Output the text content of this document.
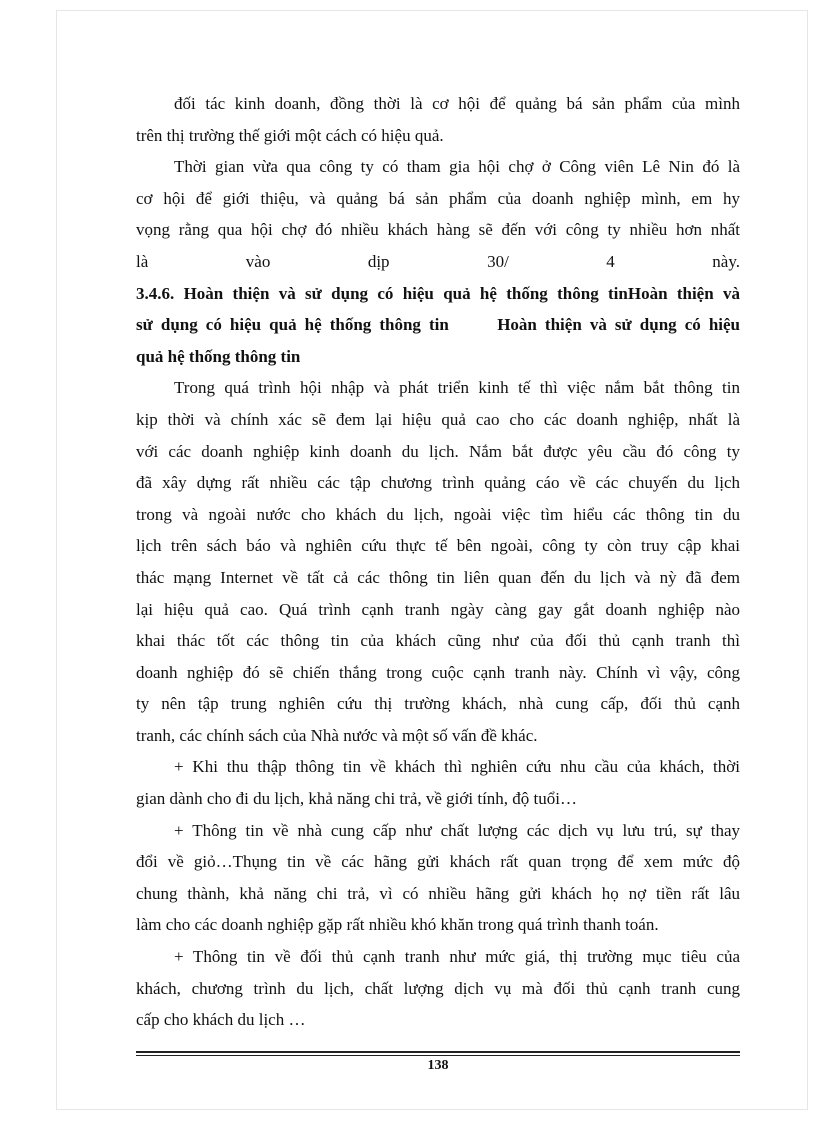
đối tác kinh doanh, đồng thời là cơ hội để quảng bá sản phẩm của mình
trên thị trường thế giới một cách có hiệu quả.
Thời gian vừa qua công ty có tham gia hội chợ ở Công viên Lê Nin đó là
cơ hội để giới thiệu, và quảng bá sản phẩm của doanh nghiệp mình, em hy
vọng rằng qua hội chợ đó nhiều khách hàng sẽ đến với công ty nhiều hơn nhất
là	vào	dịp	30/	4	này.
3.4.6. Hoàn thiện và sử dụng có hiệu quả hệ thống thông tinHoàn thiện và
sử dụng có hiệu quả hệ thống thông tin      Hoàn thiện và sử dụng có hiệu
quả hệ thống thông tin
Trong quá trình hội nhập và phát triển kinh tế thì việc nắm bắt thông tin
kịp thời và chính xác sẽ đem lại hiệu quả cao cho các doanh nghiệp, nhất là
với các doanh nghiệp kinh doanh du lịch. Nắm bắt được yêu cầu đó công ty
đã xây dựng rất nhiều các tập chương trình quảng cáo về các chuyến du lịch
trong và ngoài nước cho khách du lịch, ngoài việc tìm hiểu các thông tin du
lịch trên sách báo và nghiên cứu thực tế bên ngoài, công ty còn truy cập khai
thác mạng Internet về tất cả các thông tin liên quan đến du lịch và nỳ đã đem
lại hiệu quả cao. Quá trình cạnh tranh ngày càng gay gắt doanh nghiệp nào
khai thác tốt các thông tin của khách cũng như của đối thủ cạnh tranh thì
doanh nghiệp đó sẽ chiến thắng trong cuộc cạnh tranh này. Chính vì vậy, công
ty nên tập trung nghiên cứu thị trường khách, nhà cung cấp, đối thủ cạnh
tranh, các chính sách của Nhà nước và một số vấn đề khác.
+ Khi thu thập thông tin về khách thì nghiên cứu nhu cầu của khách, thời
gian dành cho đi du lịch, khả năng chi trả, về giới tính, độ tuổi…
+ Thông tin về nhà cung cấp như chất lượng các dịch vụ lưu trú, sự thay
đổi về giỏ…Thụng tin về các hãng gửi khách rất quan trọng để xem mức độ
chung thành, khả năng chi trả, vì có nhiều hãng gửi khách họ nợ tiền rất lâu
làm cho các doanh nghiệp gặp rất nhiều khó khăn trong quá trình thanh toán.
+ Thông tin về đối thủ cạnh tranh như mức giá, thị trường mục tiêu của
khách, chương trình du lịch, chất lượng dịch vụ mà đối thủ cạnh tranh cung
cấp cho khách du lịch …
138
